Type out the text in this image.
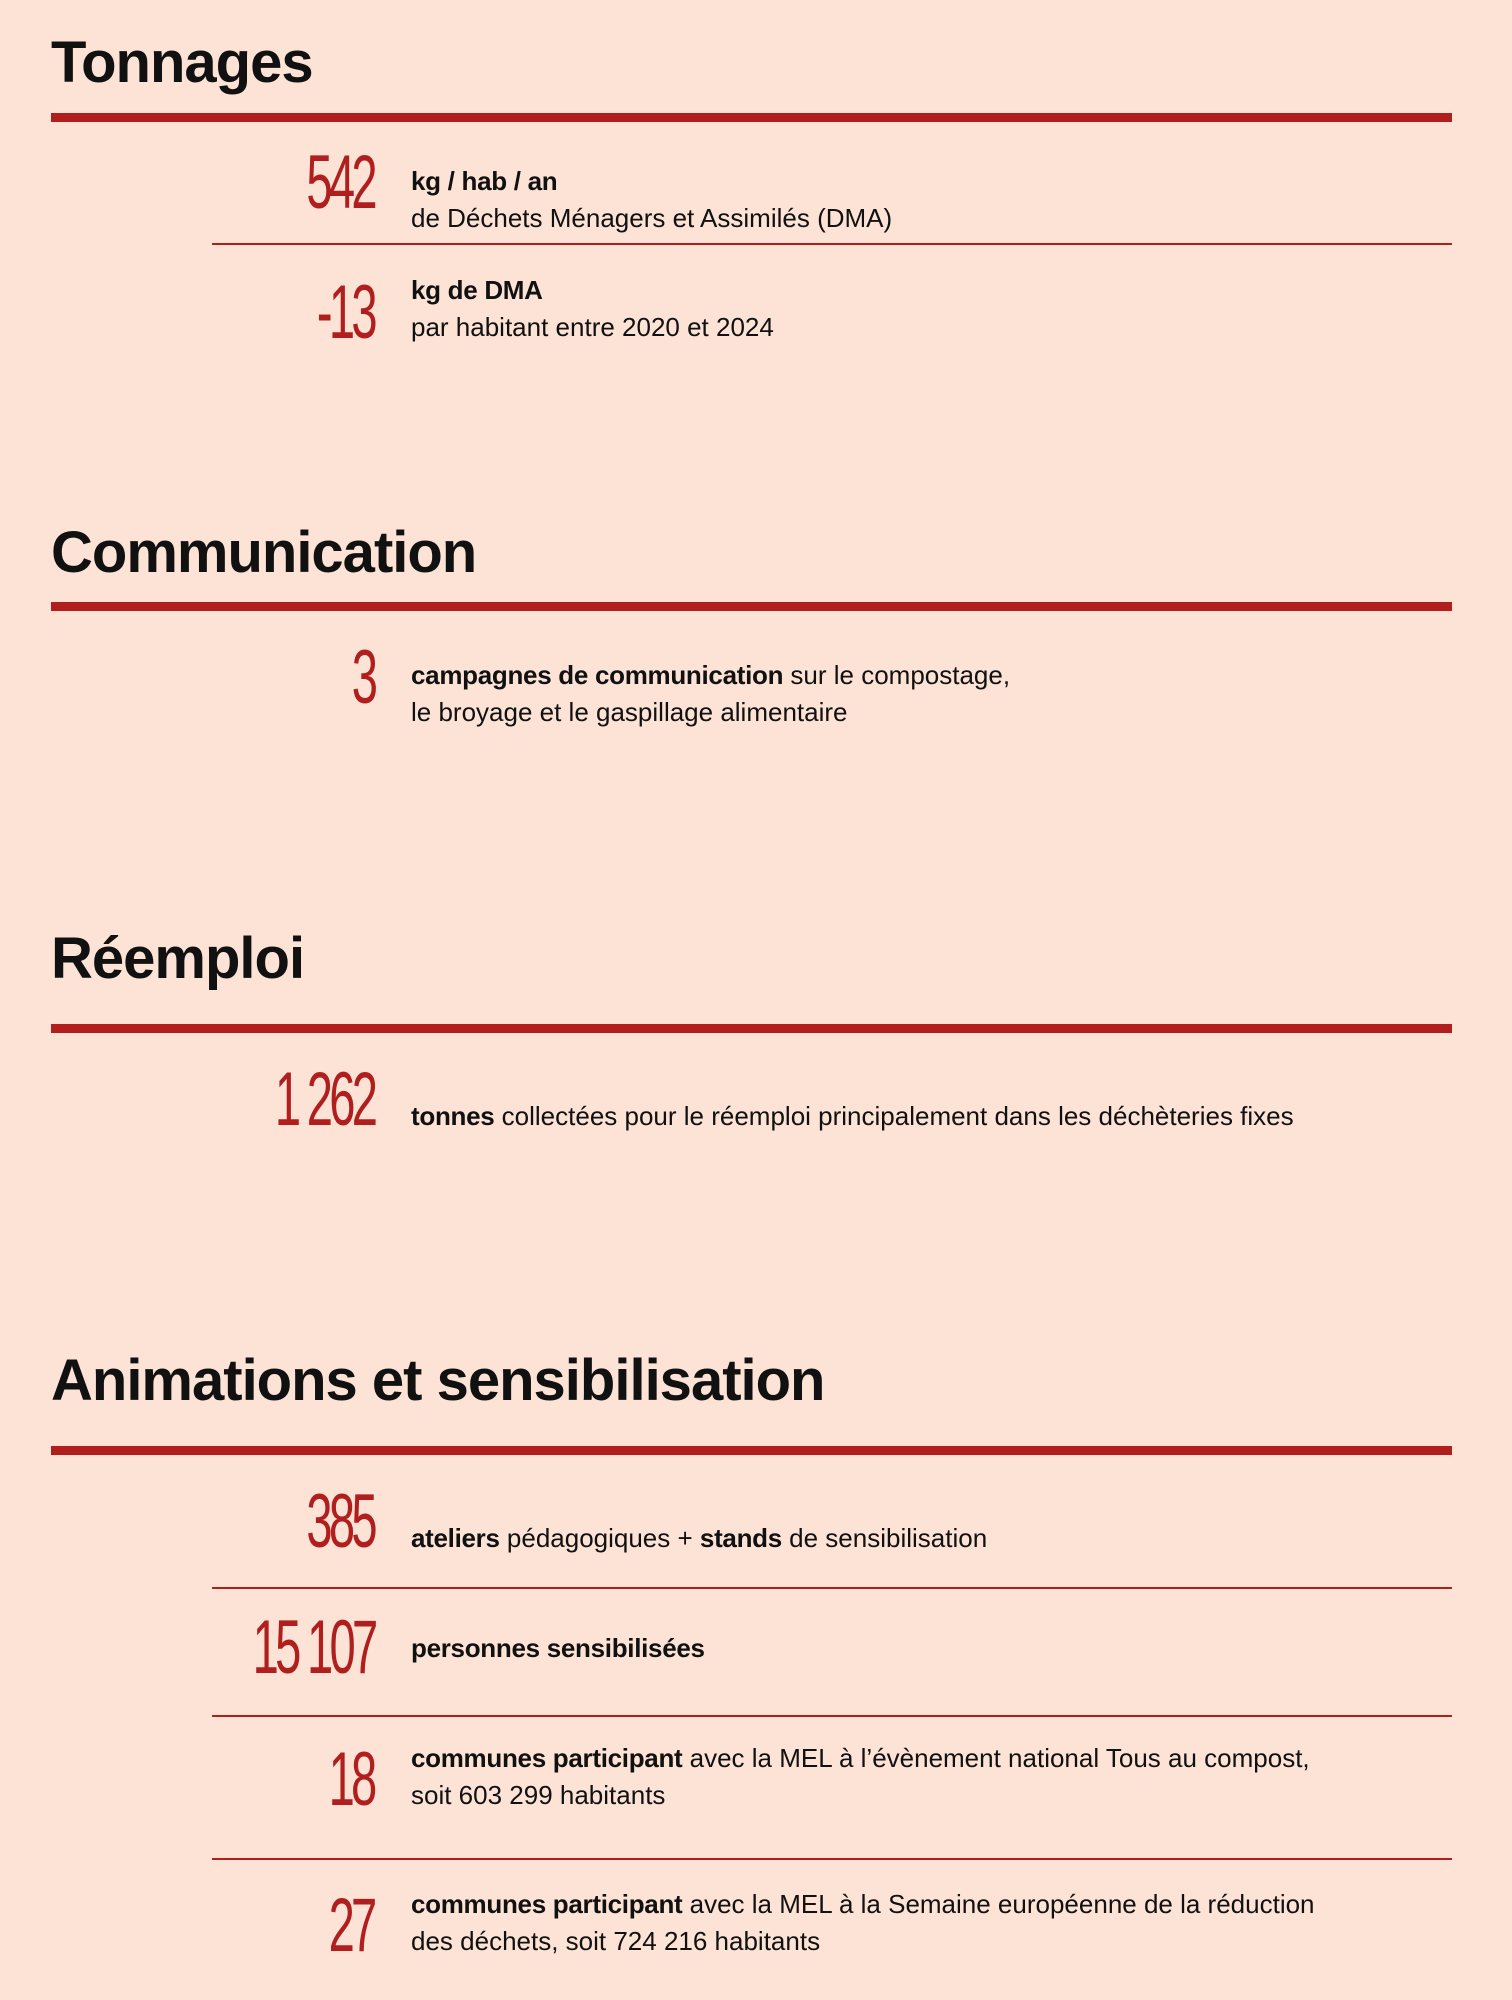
Tonnages
542 kg / hab / an
de Déchets Ménagers et Assimilés (DMA)
-13 kg de DMA
par habitant entre 2020 et 2024
Communication
3 campagnes de communication sur le compostage,
le broyage et le gaspillage alimentaire
Réemploi
1 262 tonnes collectées pour le réemploi principalement dans les déchèteries fixes
Animations et sensibilisation
385 ateliers pédagogiques + stands de sensibilisation
15 107 personnes sensibilisées
18 communes participant avec la MEL à l’évènement national Tous au compost,
soit 603 299 habitants
27 communes participant avec la MEL à la Semaine européenne de la réduction
des déchets, soit 724 216 habitants
